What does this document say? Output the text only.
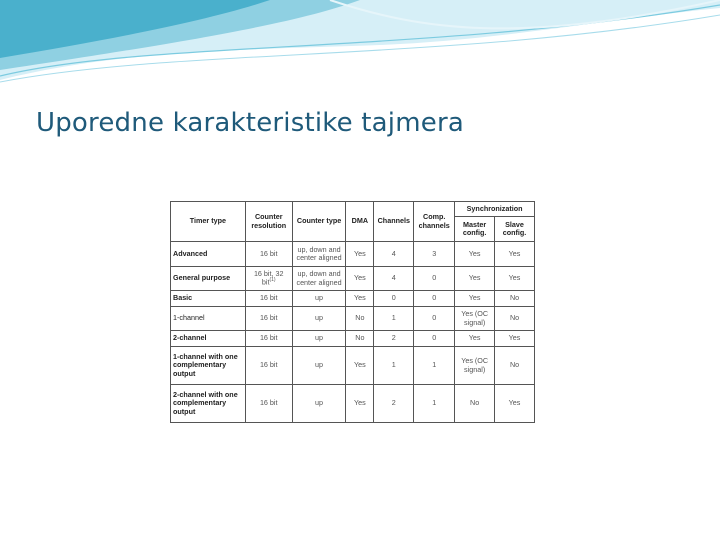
Uporedne karakteristike tajmera
Timer type	Counter resolution	Counter type	DMA	Channels	Comp. channels	Synchronization	
						Master config.	Slave config.
Advanced	16 bit	up, down and center aligned	Yes	4	3	Yes	Yes
General purpose	16 bit, 32 bit$^{(1)}$	up, down and center aligned	Yes	4	0	Yes	Yes
Basic	16 bit	up	Yes	0	0	Yes	No
1-channel	16 bit	up	No	1	0	Yes (OC signal)	No
2-channel	16 bit	up	No	2	0	Yes	Yes
1-channel with one complementary output	16 bit	up	Yes	1	1	Yes (OC signal)	No
2-channel with one complementary output	16 bit	up	Yes	2	1	No	Yes
